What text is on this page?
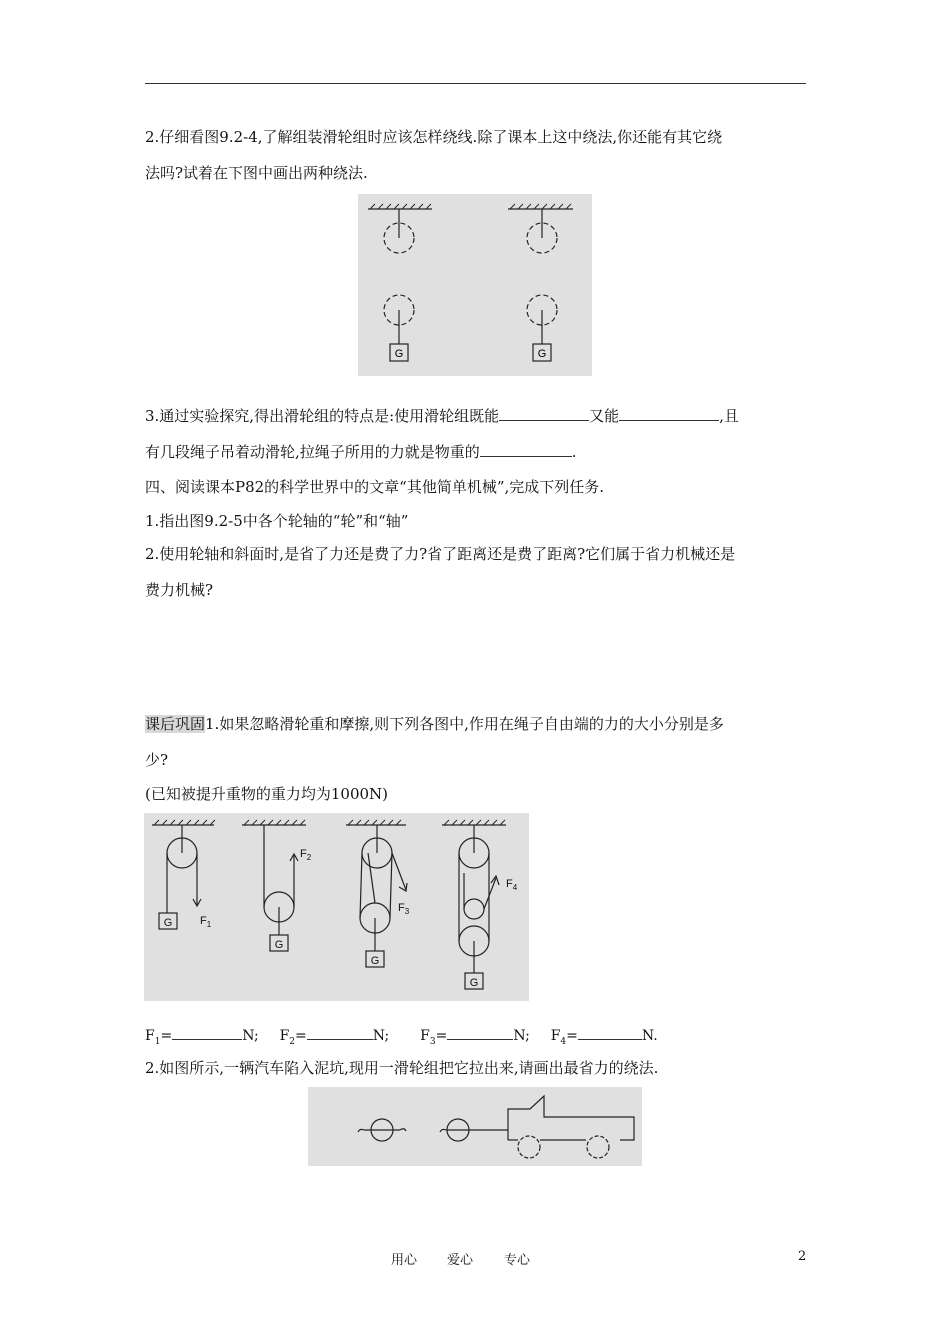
2.仔细看图9.2-4,了解组装滑轮组时应该怎样绕线.除了课本上这中绕法,你还能有其它绕
法吗?试着在下图中画出两种绕法.
G	G
3.通过实验探究,得出滑轮组的特点是:使用滑轮组既能	又能	,且
有几段绳子吊着动滑轮,拉绳子所用的力就是物重的	.
四、阅读课本P82的科学世界中的文章“其他简单机械”,完成下列任务.
1.指出图9.2-5中各个轮轴的“轮”和“轴”
2.使用轮轴和斜面时,是省了力还是费了力?省了距离还是费了距离?它们属于省力机械还是
费力机械?
课后巩固1.如果忽略滑轮重和摩擦,则下列各图中,作用在绳子自由端的力的大小分别是多
少?
(已知被提升重物的重力均为1000N)
G
G
G
G
$F_1$
$F_2$
$F_3$
$F_4$
$F_1=$	N; $F_2=$	N; $F_3=$	N; $F_4=$	N.
2.如图所示,一辆汽车陷入泥坑,现用一滑轮组把它拉出来,请画出最省力的绕法.
用心 爱心 专心	2
